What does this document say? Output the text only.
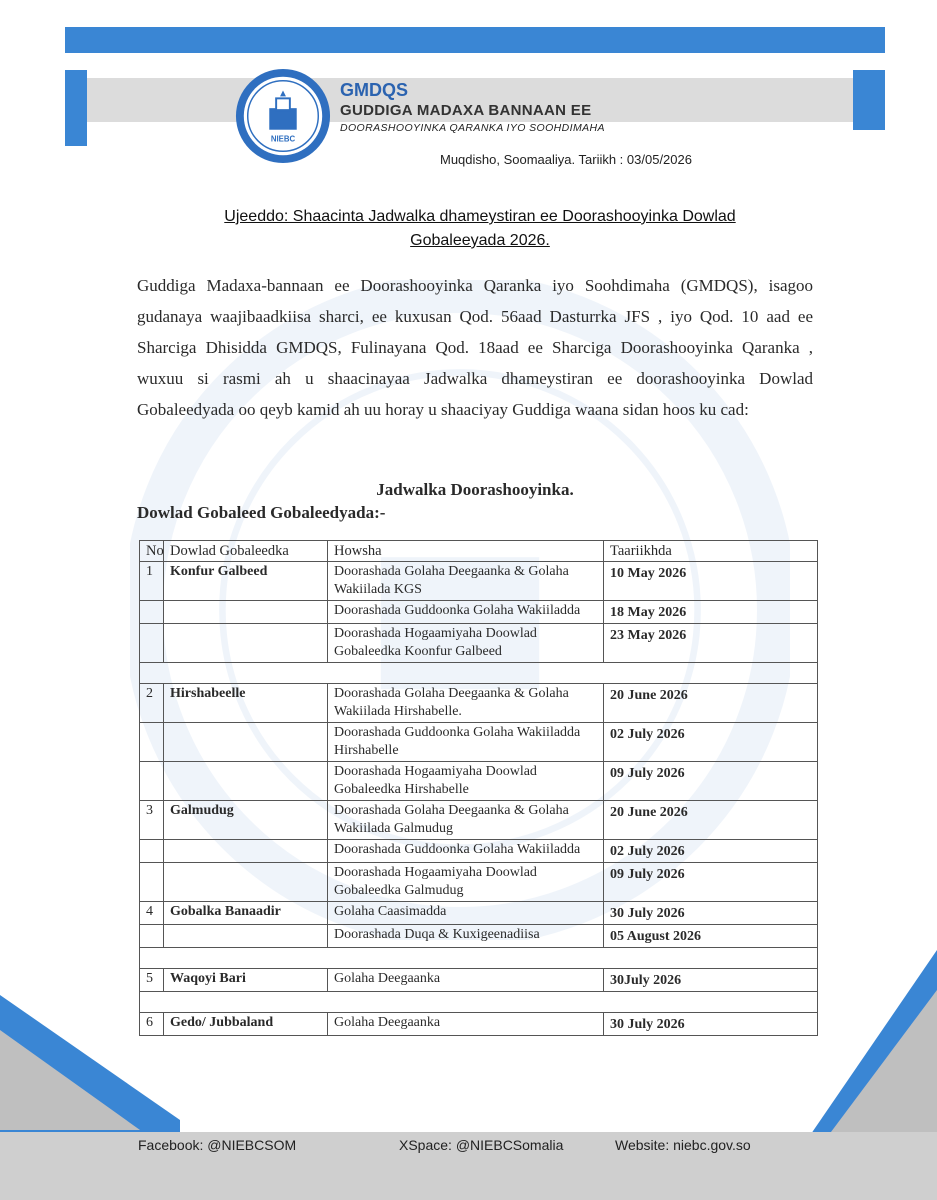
NIEBC
GMDQS
GUDDIGA MADAXA BANNAAN EE
DOORASHOOYINKA QARANKA IYO SOOHDIMAHA
Muqdisho, Soomaaliya. Tariikh : 03/05/2026
Ujeeddo: Shaacinta Jadwalka dhameystiran ee Doorashooyinka Dowlad
Gobaleeyada 2026.
Guddiga Madaxa-bannaan ee Doorashooyinka Qaranka iyo Soohdimaha (GMDQS), isagoo gudanaya waajibaadkiisa sharci, ee kuxusan Qod. 56aad Dasturrka JFS , iyo Qod. 10 aad ee Sharciga Dhisidda GMDQS, Fulinayana Qod. 18aad ee Sharciga Doorashooyinka Qaranka , wuxuu si rasmi ah u shaacinayaa Jadwalka dhameystiran ee doorashooyinka Dowlad Gobaleedyada oo qeyb kamid ah uu horay u shaaciyay Guddiga waana sidan hoos ku cad:
Jadwalka Doorashooyinka.
Dowlad Gobaleed Gobaleedyada:-
No	Dowlad Gobaleedka	Howsha	Taariikhda
1	Konfur Galbeed	Doorashada Golaha Deegaanka & Golaha Wakiilada KGS	10 May 2026
		Doorashada Guddoonka Golaha Wakiiladda	18 May 2026
		Doorashada Hogaamiyaha Doowlad Gobaleedka Koonfur Galbeed	23 May 2026

2	Hirshabeelle	Doorashada Golaha Deegaanka & Golaha Wakiilada Hirshabelle.	20 June 2026
		Doorashada Guddoonka Golaha Wakiiladda Hirshabelle	02 July 2026
		Doorashada Hogaamiyaha Doowlad Gobaleedka Hirshabelle	09 July 2026
3	Galmudug	Doorashada Golaha Deegaanka & Golaha Wakiilada Galmudug	20 June 2026
		Doorashada Guddoonka Golaha Wakiiladda	02 July 2026
		Doorashada Hogaamiyaha Doowlad Gobaleedka Galmudug	09 July 2026
4	Gobalka Banaadir	Golaha Caasimadda	30 July 2026
		Doorashada Duqa & Kuxigeenadiisa	05 August 2026

5	Waqoyi Bari	Golaha Deegaanka	30July 2026

6	Gedo/ Jubbaland	Golaha Deegaanka	30 July 2026
Facebook: @NIEBCSOM	XSpace: @NIEBCSomalia	Website: niebc.gov.so
